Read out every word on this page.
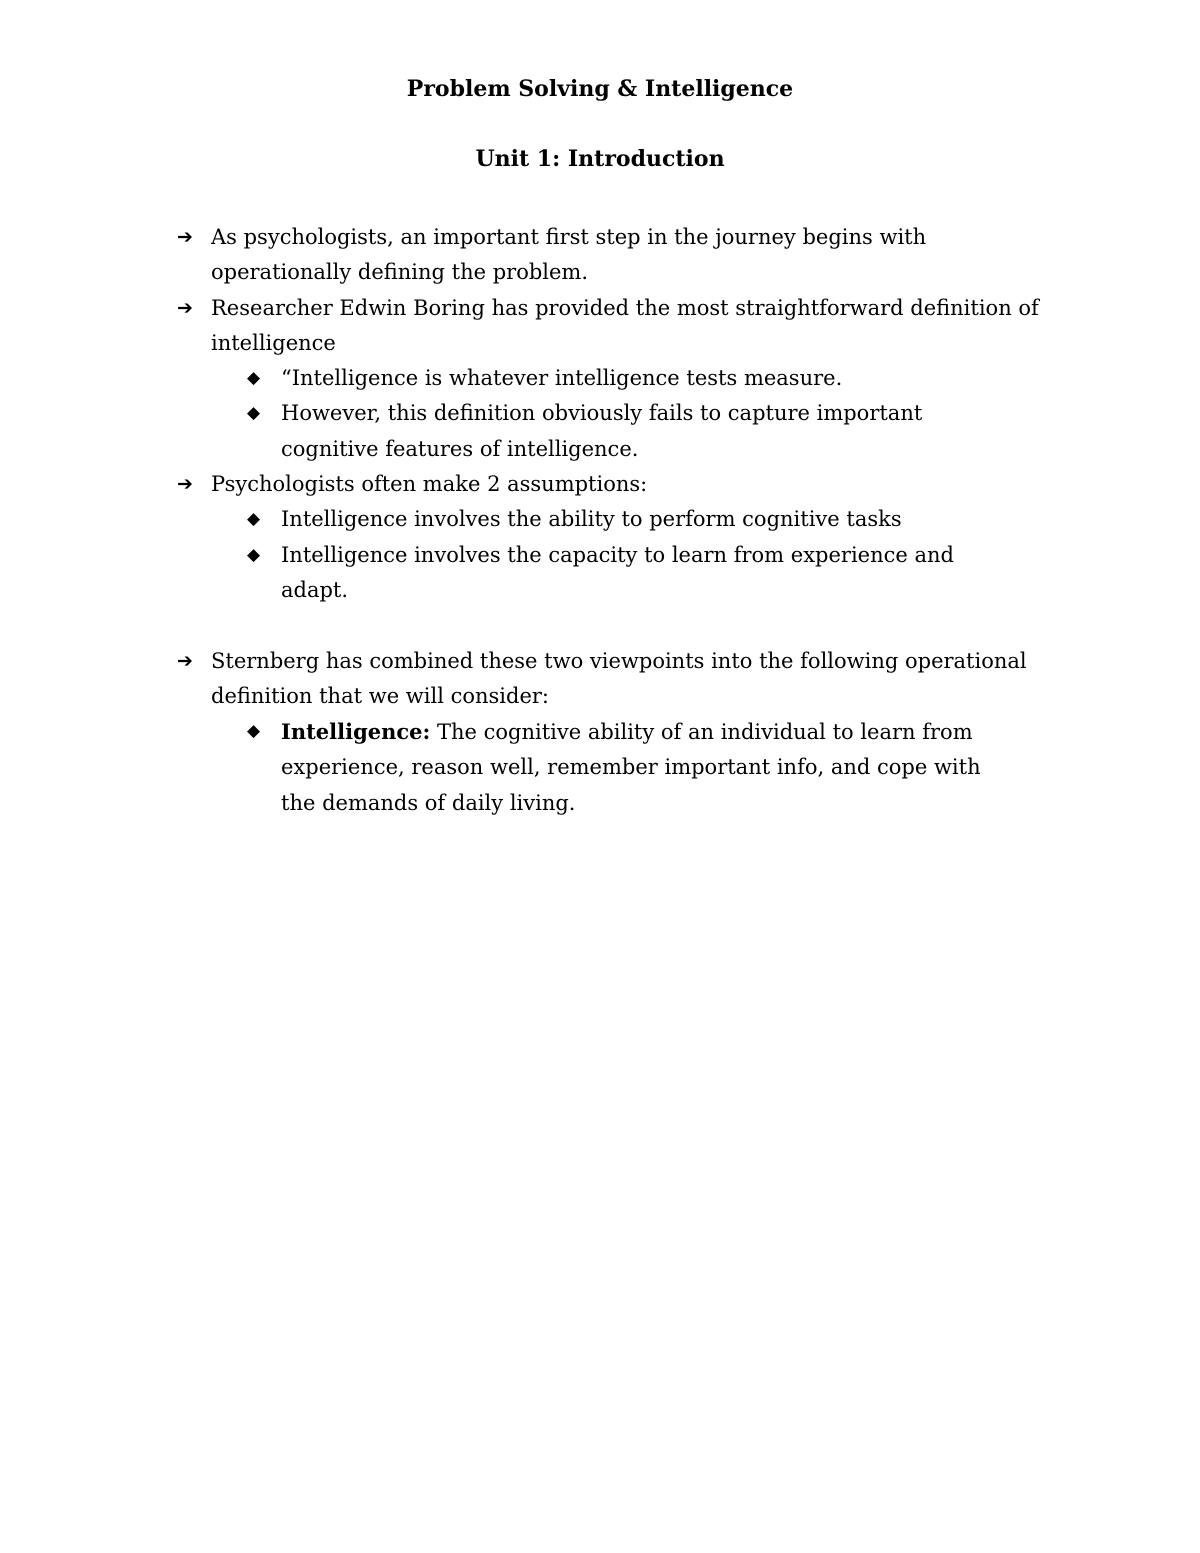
Problem Solving & Intelligence
Unit 1: Introduction
➔ As psychologists, an important first step in the journey begins with operationally defining the problem.
➔ Researcher Edwin Boring has provided the most straightforward definition of intelligence
◆ “Intelligence is whatever intelligence tests measure.
◆ However, this definition obviously fails to capture important cognitive features of intelligence.
➔ Psychologists often make 2 assumptions:
◆ Intelligence involves the ability to perform cognitive tasks
◆ Intelligence involves the capacity to learn from experience and adapt.
➔ Sternberg has combined these two viewpoints into the following operational definition that we will consider:
◆ Intelligence: The cognitive ability of an individual to learn from experience, reason well, remember important info, and cope with the demands of daily living.
